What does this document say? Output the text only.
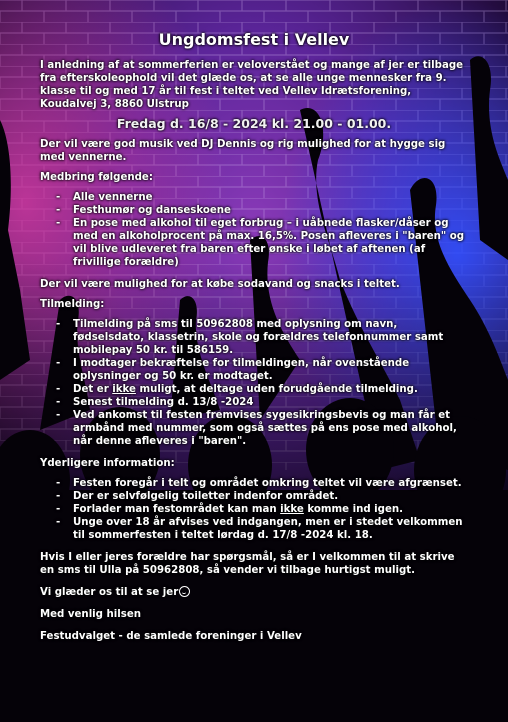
Ungdomsfest i Vellev

I anledning af at sommerferien er veloverstået og mange af jer er tilbage fra efterskoleophold vil det glæde os, at se alle unge mennesker fra 9. klasse til og med 17 år til fest i teltet ved Vellev Idrætsforening, Koudalvej 3, 8860 Ulstrup

Fredag d. 16/8 - 2024 kl. 21.00 - 01.00.

Der vil være god musik ved DJ Dennis og rig mulighed for at hygge sig med vennerne.

Medbring følgende:

- Alle vennerne
- Festhumør og danseskoene
- En pose med alkohol til eget forbrug – i uåbnede flasker/dåser og med en alkoholprocent på max. 16,5%. Posen afleveres i "baren" og vil blive udleveret fra baren efter ønske i løbet af aftenen (af frivillige forældre)

Der vil være mulighed for at købe sodavand og snacks i teltet.

Tilmelding:

- Tilmelding på sms til 50962808 med oplysning om navn, fødselsdato, klassetrin, skole og forældres telefonnummer samt mobilepay 50 kr. til 586159.
- I modtager bekræftelse for tilmeldingen, når ovenstående oplysninger og 50 kr. er modtaget.
- Det er ikke muligt, at deltage uden forudgående tilmelding.
- Senest tilmelding d. 13/8 -2024
- Ved ankomst til festen fremvises sygesikringsbevis og man får et armbånd med nummer, som også sættes på ens pose med alkohol, når denne afleveres i "baren".

Yderligere information:

- Festen foregår i telt og området omkring teltet vil være afgrænset.
- Der er selvfølgelig toiletter indenfor området.
- Forlader man festområdet kan man ikke komme ind igen.
- Unge over 18 år afvises ved indgangen, men er i stedet velkommen til sommerfesten i teltet lørdag d. 17/8 -2024 kl. 18.

Hvis I eller jeres forældre har spørgsmål, så er I velkommen til at skrive en sms til Ulla på 50962808, så vender vi tilbage hurtigst muligt.

Vi glæder os til at se jer

Med venlig hilsen

Festudvalget - de samlede foreninger i Vellev
